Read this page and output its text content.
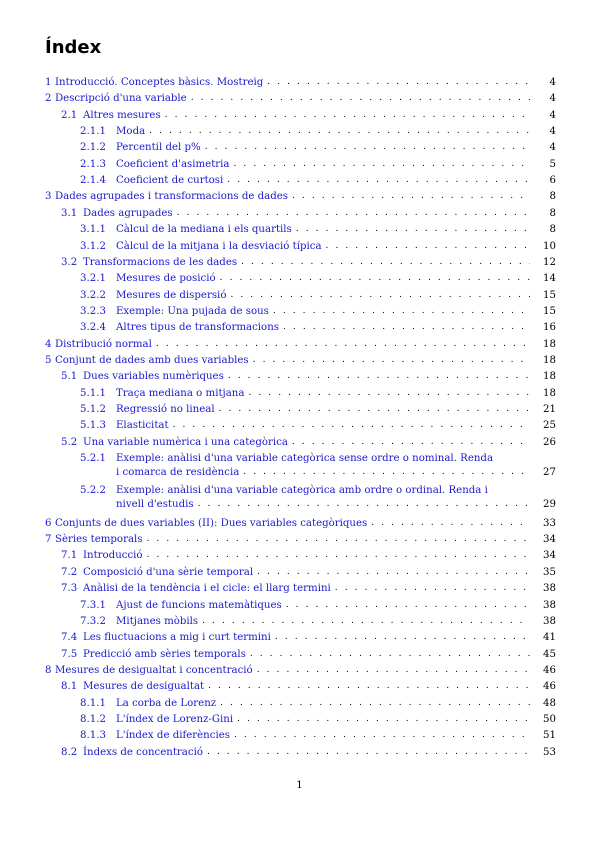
Índex
1 Introducció. Conceptes bàsics. Mostreig . . .	4
2 Descripció d'una variable . . .	4
2.1 Altres mesures . . .	4
2.1.1 Moda . . .	4
2.1.2 Percentil del p% . . .	4
2.1.3 Coeficient d'asimetria . . .	5
2.1.4 Coeficient de curtosi . . .	6
3 Dades agrupades i transformacions de dades . . .	8
3.1 Dades agrupades . . .	8
3.1.1 Càlcul de la mediana i els quartils . . .	8
3.1.2 Càlcul de la mitjana i la desviació típica . . .	10
3.2 Transformacions de les dades . . .	12
3.2.1 Mesures de posició . . .	14
3.2.2 Mesures de dispersió . . .	15
3.2.3 Exemple: Una pujada de sous . . .	15
3.2.4 Altres tipus de transformacions . . .	16
4 Distribució normal . . .	18
5 Conjunt de dades amb dues variables . . .	18
5.1 Dues variables numèriques . . .	18
5.1.1 Traça mediana o mitjana . . .	18
5.1.2 Regressió no lineal . . .	21
5.1.3 Elasticitat . . .	25
5.2 Una variable numèrica i una categòrica . . .	26
5.2.1 Exemple: anàlisi d'una variable categòrica sense ordre o nominal. Renda
i comarca de residència . . .	27
5.2.2 Exemple: anàlisi d'una variable categòrica amb ordre o ordinal. Renda i
nivell d'estudis . . .	29
6 Conjunts de dues variables (II): Dues variables categòriques . . .	33
7 Sèries temporals . . .	34
7.1 Introducció . . .	34
7.2 Composició d'una sèrie temporal . . .	35
7.3 Anàlisi de la tendència i el cicle: el llarg termini . . .	38
7.3.1 Ajust de funcions matemàtiques . . .	38
7.3.2 Mitjanes mòbils . . .	38
7.4 Les fluctuacions a mig i curt termini . . .	41
7.5 Predicció amb sèries temporals . . .	45
8 Mesures de desigualtat i concentració . . .	46
8.1 Mesures de desigualtat . . .	46
8.1.1 La corba de Lorenz . . .	48
8.1.2 L'índex de Lorenz-Gini . . .	50
8.1.3 L'índex de diferències . . .	51
8.2 Índexs de concentració . . .	53
1
